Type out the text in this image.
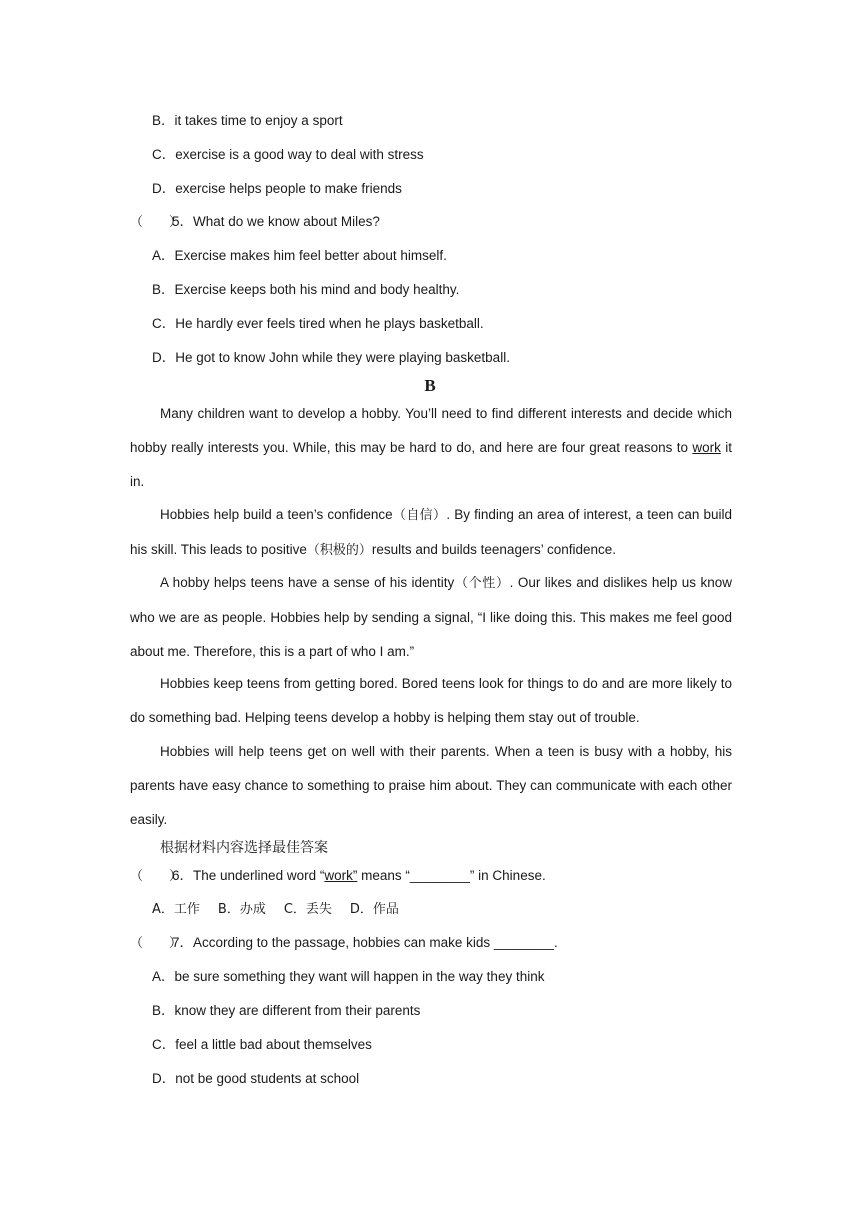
B．it takes time to enjoy a sport
C．exercise is a good way to deal with stress
D．exercise helps people to make friends
（　　）5．What do we know about Miles?
A．Exercise makes him feel better about himself.
B．Exercise keeps both his mind and body healthy.
C．He hardly ever feels tired when he plays basketball.
D．He got to know John while they were playing basketball.
B

Many children want to develop a hobby. You’ll need to find different interests and decide which hobby really interests you. While, this may be hard to do, and here are four great reasons to work it in.

Hobbies help build a teen’s confidence（自信）. By finding an area of interest, a teen can build his skill. This leads to positive（积极的）results and builds teenagers’ confidence.

A hobby helps teens have a sense of his identity（个性）. Our likes and dislikes help us know who we are as people. Hobbies help by sending a signal, “I like doing this. This makes me feel good about me. Therefore, this is a part of who I am.”

Hobbies keep teens from getting bored. Bored teens look for things to do and are more likely to do something bad. Helping teens develop a hobby is helping them stay out of trouble.

Hobbies will help teens get on well with their parents. When a teen is busy with a hobby, his parents have easy chance to something to praise him about. They can communicate with each other easily.

根据材料内容选择最佳答案
（　　）6．The underlined word “work” means “________” in Chinese.
A．工作 B．办成 C．丢失 D．作品
（　　）7．According to the passage, hobbies can make kids ________.
A．be sure something they want will happen in the way they think
B．know they are different from their parents
C．feel a little bad about themselves
D．not be good students at school
